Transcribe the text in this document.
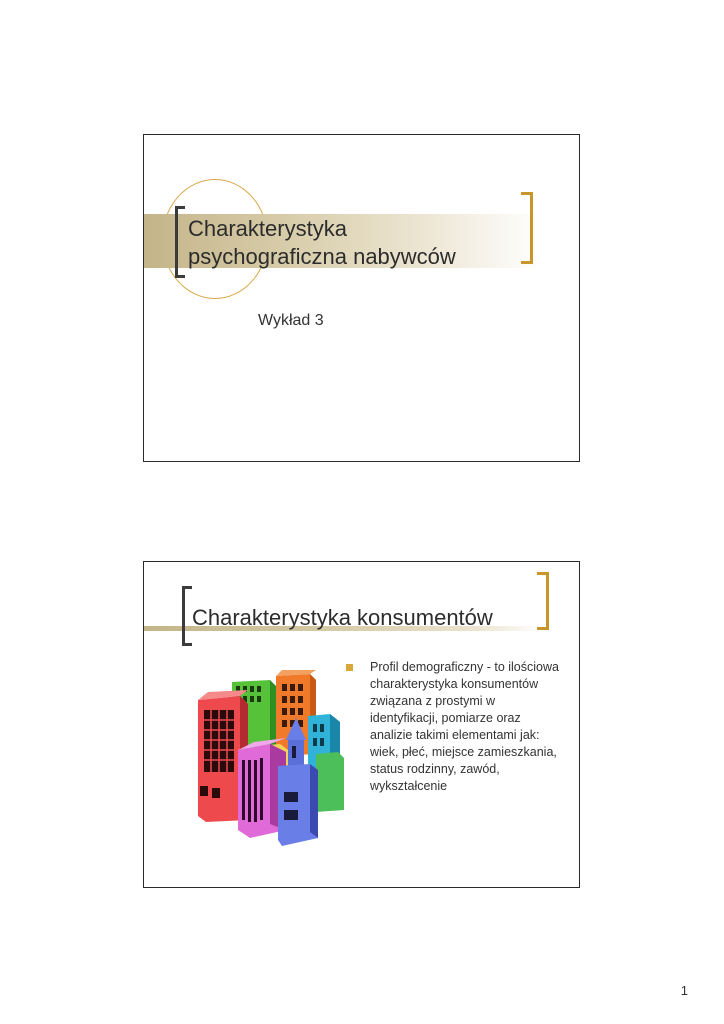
Charakterystyka
psychograficzna nabywców
Wykład 3
Charakterystyka konsumentów
Profil demograficzny - to ilościowa charakterystyka konsumentów związana z prostymi w identyfikacji, pomiarze oraz analizie takimi elementami jak: wiek, płeć, miejsce zamieszkania, status rodzinny, zawód, wykształcenie
1
